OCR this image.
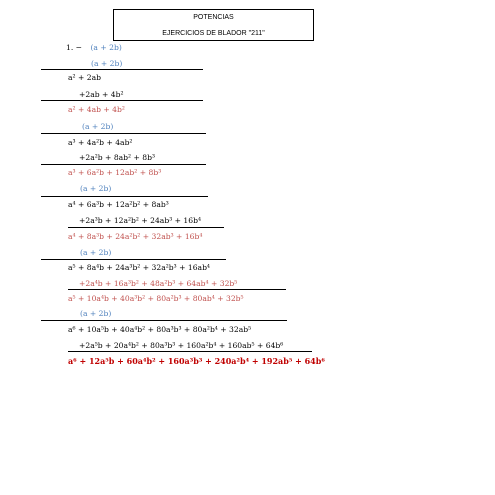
POTENCIAS
EJERCICIOS DE BLADOR "211"
1. − (a + 2b)
(a + 2b)
a² + 2ab
+2ab + 4b²
a² + 4ab + 4b²
(a + 2b)
a³ + 4a²b + 4ab²
+2a²b + 8ab² + 8b³
a³ + 6a²b + 12ab² + 8b³
(a + 2b)
a⁴ + 6a³b + 12a²b² + 8ab³
+2a³b + 12a²b² + 24ab³ + 16b⁴
a⁴ + 8a³b + 24a²b² + 32ab³ + 16b⁴
(a + 2b)
a⁵ + 8a⁴b + 24a³b² + 32a²b³ + 16ab⁴
+2a⁴b + 16a³b² + 48a²b³ + 64ab⁴ + 32b⁵
a⁵ + 10a⁴b + 40a³b² + 80a²b³ + 80ab⁴ + 32b⁵
(a + 2b)
a⁶ + 10a⁵b + 40a⁴b² + 80a³b³ + 80a²b⁴ + 32ab⁵
+2a⁵b + 20a⁴b² + 80a³b³ + 160a²b⁴ + 160ab⁵ + 64b⁶
a⁶ + 12a⁵b + 60a⁴b² + 160a³b³ + 240a²b⁴ + 192ab⁵ + 64b⁶
